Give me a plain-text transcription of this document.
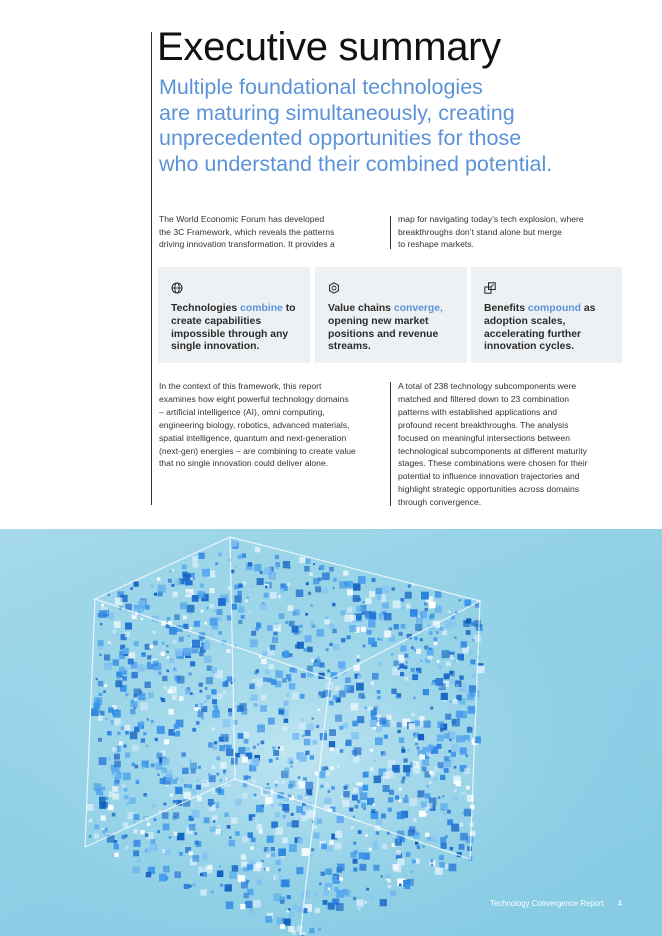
Executive summary
Multiple foundational technologies
are maturing simultaneously, creating
unprecedented opportunities for those
who understand their combined potential.
The World Economic Forum has developed
the 3C Framework, which reveals the patterns
driving innovation transformation. It provides a
map for navigating today’s tech explosion, where
breakthroughs don’t stand alone but merge
to reshape markets.
Technologies combine to create capabilities impossible through any single innovation.
Value chains converge, opening new market positions and revenue streams.
Benefits compound as adoption scales, accelerating further innovation cycles.
In the context of this framework, this report
examines how eight powerful technology domains
– artificial intelligence (AI), omni computing,
engineering biology, robotics, advanced materials,
spatial intelligence, quantum and next-generation
(next-gen) energies – are combining to create value
that no single innovation could deliver alone.
A total of 238 technology subcomponents were
matched and filtered down to 23 combination
patterns with established applications and
profound recent breakthroughs. The analysis
focused on meaningful intersections between
technological subcomponents at different maturity
stages. These combinations were chosen for their
potential to influence innovation trajectories and
highlight strategic opportunities across domains
through convergence.
Technology Convergence Report 4
